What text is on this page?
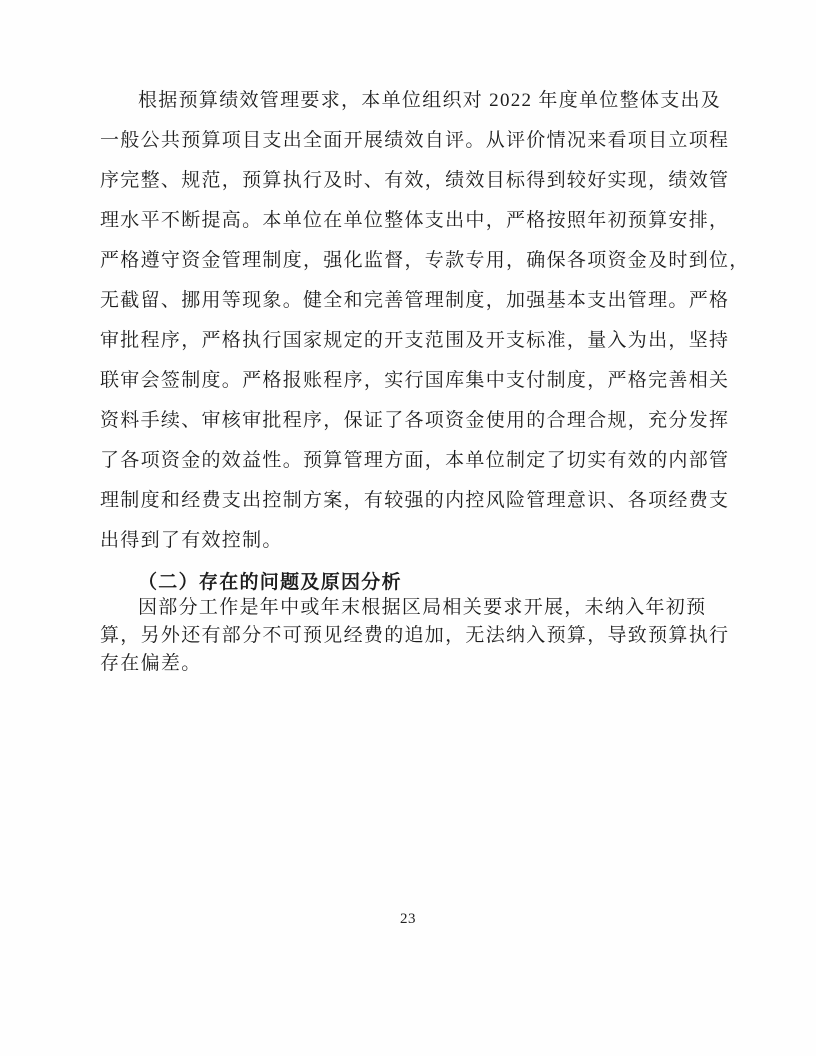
根据预算绩效管理要求，本单位组织对 2022 年度单位整体支出及
一般公共预算项目支出全面开展绩效自评。从评价情况来看项目立项程
序完整、规范，预算执行及时、有效，绩效目标得到较好实现，绩效管
理水平不断提高。本单位在单位整体支出中，严格按照年初预算安排，
严格遵守资金管理制度，强化监督，专款专用，确保各项资金及时到位，
无截留、挪用等现象。健全和完善管理制度，加强基本支出管理。严格
审批程序，严格执行国家规定的开支范围及开支标准，量入为出，坚持
联审会签制度。严格报账程序，实行国库集中支付制度，严格完善相关
资料手续、审核审批程序，保证了各项资金使用的合理合规，充分发挥
了各项资金的效益性。预算管理方面，本单位制定了切实有效的内部管
理制度和经费支出控制方案，有较强的内控风险管理意识、各项经费支
出得到了有效控制。
（二）存在的问题及原因分析
因部分工作是年中或年末根据区局相关要求开展，未纳入年初预
算，另外还有部分不可预见经费的追加，无法纳入预算，导致预算执行
存在偏差。
23
